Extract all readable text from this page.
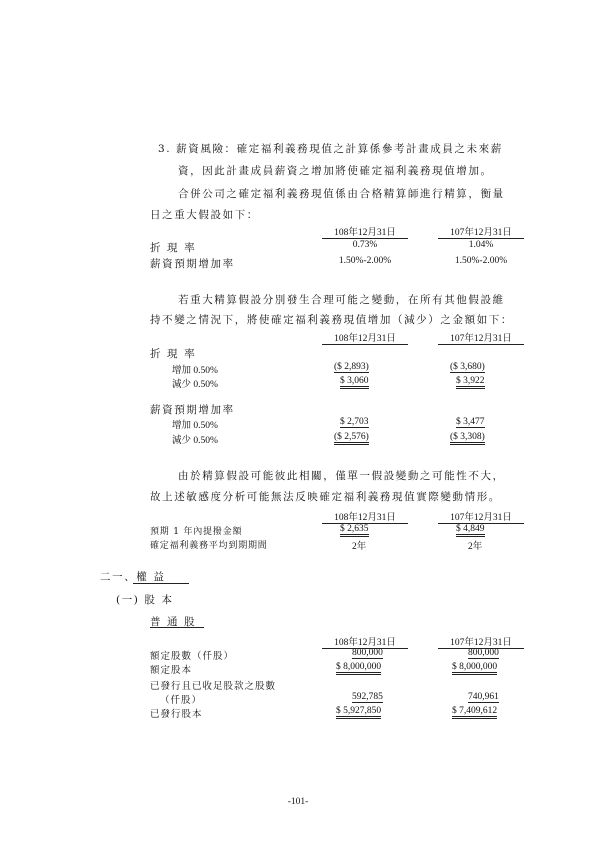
3. 薪資風險：確定福利義務現值之計算係參考計畫成員之未來薪
資，因此計畫成員薪資之增加將使確定福利義務現值增加。
合併公司之確定福利義務現值係由合格精算師進行精算，衡量
日之重大假設如下：
108年12月31日	107年12月31日
折 現 率	0.73%	1.04%
薪資預期增加率	1.50%-2.00%	1.50%-2.00%
若重大精算假設分別發生合理可能之變動，在所有其他假設維
持不變之情況下，將使確定福利義務現值增加（減少）之金額如下：
108年12月31日	107年12月31日
折 現 率
增加 0.50%	($ 2,893)	($ 3,680)
減少 0.50%	$ 3,060	$ 3,922
薪資預期增加率
增加 0.50%	$ 2,703	$ 3,477
減少 0.50%	($ 2,576)	($ 3,308)
由於精算假設可能彼此相關，僅單一假設變動之可能性不大，
故上述敏感度分析可能無法反映確定福利義務現值實際變動情形。
108年12月31日	107年12月31日
預期 1 年內提撥金額	$ 2,635	$ 4,849
確定福利義務平均到期期間	2年	2年
二一、權 益
(一) 股 本
普 通 股
108年12月31日	107年12月31日
額定股數（仟股）	800,000	800,000
額定股本	$ 8,000,000	$ 8,000,000
已發行且已收足股款之股數
（仟股）	592,785	740,961
已發行股本	$ 5,927,850	$ 7,409,612
-101-
